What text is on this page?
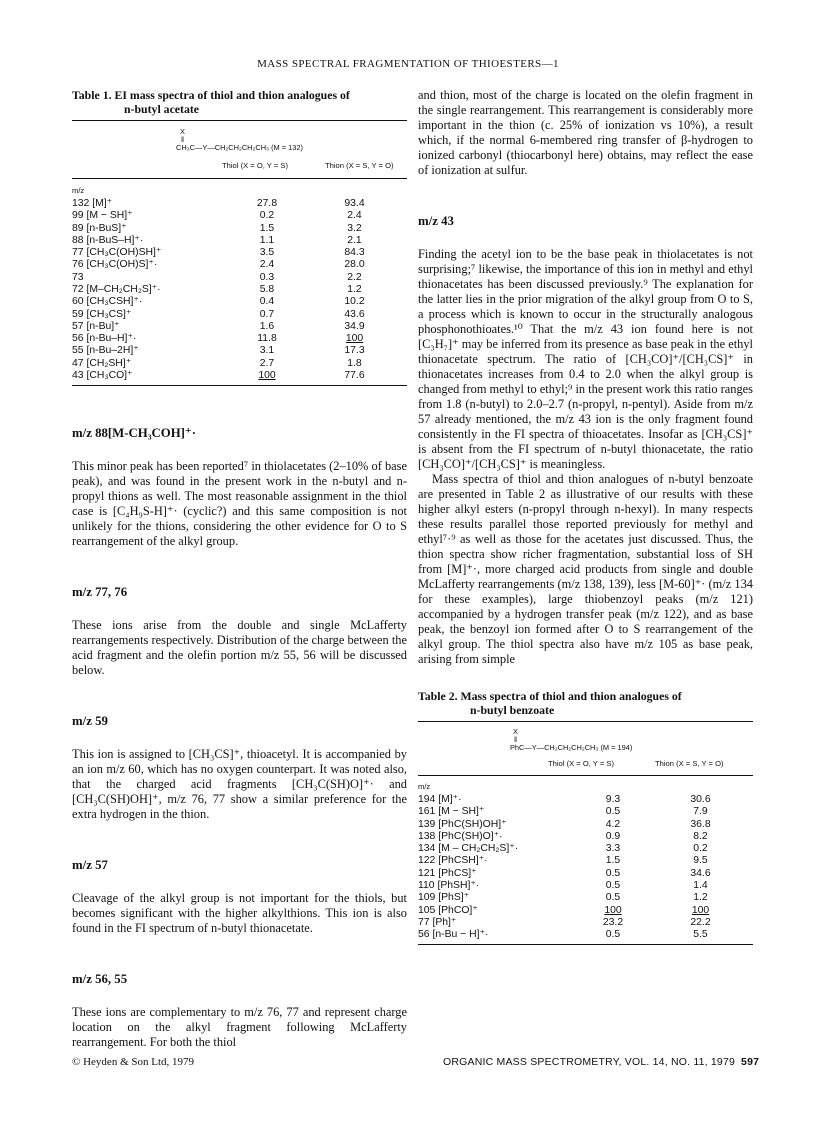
MASS SPECTRAL FRAGMENTATION OF THIOESTERS—1
Table 1. EI mass spectra of thiol and thion analogues of
n-butyl acetate
X
‖
CH₃C—Y—CH₂CH₂CH₂CH₃ (M = 132)
Thiol (X = O, Y = S)	Thion (X = S, Y = O)
m/z
132 [M]⁺	27.8	93.4
99 [M − SH]⁺	0.2	2.4
89 [n-BuS]⁺	1.5	3.2
88 [n-BuS–H]⁺·	1.1	2.1
77 [CH₃C(OH)SH]⁺	3.5	84.3
76 [CH₃C(OH)S]⁺·	2.4	28.0
73	0.3	2.2
72 [M–CH₂CH₂S]⁺·	5.8	1.2
60 [CH₃CSH]⁺·	0.4	10.2
59 [CH₃CS]⁺	0.7	43.6
57 [n-Bu]⁺	1.6	34.9
56 [n-Bu–H]⁺·	11.8	100
55 [n-Bu–2H]⁺	3.1	17.3
47 [CH₂SH]⁺	2.7	1.8
43 [CH₃CO]⁺	100	77.6
m/z 88[M-CH₃COH]⁺·

This minor peak has been reported⁷ in thiolacetates (2–10% of base peak), and was found in the present work in the n-butyl and n-propyl thions as well. The most reasonable assignment in the thiol case is [C₄H₉S-H]⁺· (cyclic?) and this same composition is not unlikely for the thions, considering the other evidence for O to S rearrangement of the alkyl group.

m/z 77, 76

These ions arise from the double and single McLafferty rearrangements respectively. Distribution of the charge between the acid fragment and the olefin portion m/z 55, 56 will be discussed below.

m/z 59

This ion is assigned to [CH₃CS]⁺, thioacetyl. It is accompanied by an ion m/z 60, which has no oxygen counterpart. It was noted also, that the charged acid fragments [CH₃C(SH)O]⁺· and [CH₃C(SH)OH]⁺, m/z 76, 77 show a similar preference for the extra hydrogen in the thion.

m/z 57

Cleavage of the alkyl group is not important for the thiols, but becomes significant with the higher alkylthions. This ion is also found in the FI spectrum of n-butyl thionacetate.

m/z 56, 55

These ions are complementary to m/z 76, 77 and represent charge location on the alkyl fragment following McLafferty rearrangement. For both the thiol

and thion, most of the charge is located on the olefin fragment in the single rearrangement. This rearrangement is considerably more important in the thion (c. 25% of ionization vs 10%), a result which, if the normal 6-membered ring transfer of β-hydrogen to ionized carbonyl (thiocarbonyl here) obtains, may reflect the ease of ionization at sulfur.

m/z 43

Finding the acetyl ion to be the base peak in thiolacetates is not surprising;⁷ likewise, the importance of this ion in methyl and ethyl thionacetates has been discussed previously.⁹ The explanation for the latter lies in the prior migration of the alkyl group from O to S, a process which is known to occur in the structurally analogous phosphonothioates.¹⁰ That the m/z 43 ion found here is not [C₃H₇]⁺ may be inferred from its presence as base peak in the ethyl thionacetate spectrum. The ratio of [CH₃CO]⁺/[CH₃CS]⁺ in thionacetates increases from 0.4 to 2.0 when the alkyl group is changed from methyl to ethyl;⁹ in the present work this ratio ranges from 1.8 (n-butyl) to 2.0–2.7 (n-propyl, n-pentyl). Aside from m/z 57 already mentioned, the m/z 43 ion is the only fragment found consistently in the FI spectra of thioacetates. Insofar as [CH₃CS]⁺ is absent from the FI spectrum of n-butyl thionacetate, the ratio [CH₃CO]⁺/[CH₃CS]⁺ is meaningless.

Mass spectra of thiol and thion analogues of n-butyl benzoate are presented in Table 2 as illustrative of our results with these higher alkyl esters (n-propyl through n-hexyl). In many respects these results parallel those reported previously for methyl and ethyl⁷·⁹ as well as those for the acetates just discussed. Thus, the thion spectra show richer fragmentation, substantial loss of SH from [M]⁺·, more charged acid products from single and double McLafferty rearrangements (m/z 138, 139), less [M-60]⁺· (m/z 134 for these examples), large thiobenzoyl peaks (m/z 121) accompanied by a hydrogen transfer peak (m/z 122), and as base peak, the benzoyl ion formed after O to S rearrangement of the alkyl group. The thiol spectra also have m/z 105 as base peak, arising from simple

Table 2. Mass spectra of thiol and thion analogues of
n-butyl benzoate
X
‖
PhC—Y—CH₂CH₂CH₂CH₃ (M = 194)
Thiol (X = O, Y = S)	Thion (X = S, Y = O)
m/z
194 [M]⁺·	9.3	30.6
161 [M − SH]⁺	0.5	7.9
139 [PhC(SH)OH]⁺	4.2	36.8
138 [PhC(SH)O]⁺·	0.9	8.2
134 [M – CH₂CH₂S]⁺·	3.3	0.2
122 [PhCSH]⁺·	1.5	9.5
121 [PhCS]⁺	0.5	34.6
110 [PhSH]⁺·	0.5	1.4
109 [PhS]⁺	0.5	1.2
105 [PhCO]⁺	100	100
77 [Ph]⁺	23.2	22.2
56 [n-Bu − H]⁺·	0.5	5.5
© Heyden & Son Ltd, 1979	ORGANIC MASS SPECTROMETRY, VOL. 14, NO. 11, 1979 597
